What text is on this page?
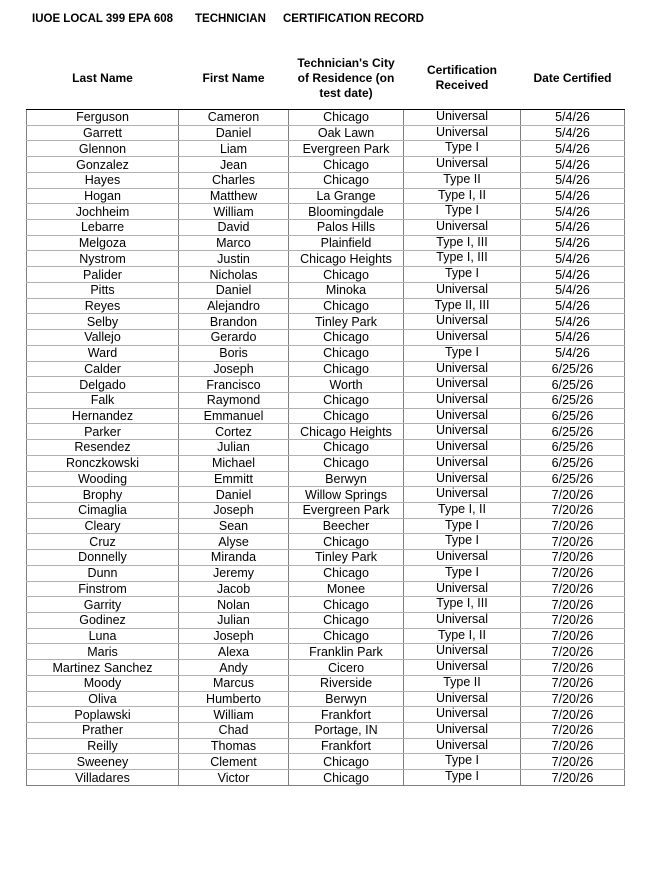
IUOE LOCAL 399 EPA 608 TECHNICIAN CERTIFICATION RECORD
Last Name	First Name	Technician's City of Residence (on test date)	Certification Received	Date Certified

Ferguson	Cameron	Chicago	Universal	5/4/26
Garrett	Daniel	Oak Lawn	Universal	5/4/26
Glennon	Liam	Evergreen Park	Type I	5/4/26
Gonzalez	Jean	Chicago	Universal	5/4/26
Hayes	Charles	Chicago	Type II	5/4/26
Hogan	Matthew	La Grange	Type I, II	5/4/26
Jochheim	William	Bloomingdale	Type I	5/4/26
Lebarre	David	Palos Hills	Universal	5/4/26
Melgoza	Marco	Plainfield	Type I, III	5/4/26
Nystrom	Justin	Chicago Heights	Type I, III	5/4/26
Palider	Nicholas	Chicago	Type I	5/4/26
Pitts	Daniel	Minoka	Universal	5/4/26
Reyes	Alejandro	Chicago	Type II, III	5/4/26
Selby	Brandon	Tinley Park	Universal	5/4/26
Vallejo	Gerardo	Chicago	Universal	5/4/26
Ward	Boris	Chicago	Type I	5/4/26
Calder	Joseph	Chicago	Universal	6/25/26
Delgado	Francisco	Worth	Universal	6/25/26
Falk	Raymond	Chicago	Universal	6/25/26
Hernandez	Emmanuel	Chicago	Universal	6/25/26
Parker	Cortez	Chicago Heights	Universal	6/25/26
Resendez	Julian	Chicago	Universal	6/25/26
Ronczkowski	Michael	Chicago	Universal	6/25/26
Wooding	Emmitt	Berwyn	Universal	6/25/26
Brophy	Daniel	Willow Springs	Universal	7/20/26
Cimaglia	Joseph	Evergreen Park	Type I, II	7/20/26
Cleary	Sean	Beecher	Type I	7/20/26
Cruz	Alyse	Chicago	Type I	7/20/26
Donnelly	Miranda	Tinley Park	Universal	7/20/26
Dunn	Jeremy	Chicago	Type I	7/20/26
Finstrom	Jacob	Monee	Universal	7/20/26
Garrity	Nolan	Chicago	Type I, III	7/20/26
Godinez	Julian	Chicago	Universal	7/20/26
Luna	Joseph	Chicago	Type I, II	7/20/26
Maris	Alexa	Franklin Park	Universal	7/20/26
Martinez Sanchez	Andy	Cicero	Universal	7/20/26
Moody	Marcus	Riverside	Type II	7/20/26
Oliva	Humberto	Berwyn	Universal	7/20/26
Poplawski	William	Frankfort	Universal	7/20/26
Prather	Chad	Portage, IN	Universal	7/20/26
Reilly	Thomas	Frankfort	Universal	7/20/26
Sweeney	Clement	Chicago	Type I	7/20/26
Villadares	Victor	Chicago	Type I	7/20/26
